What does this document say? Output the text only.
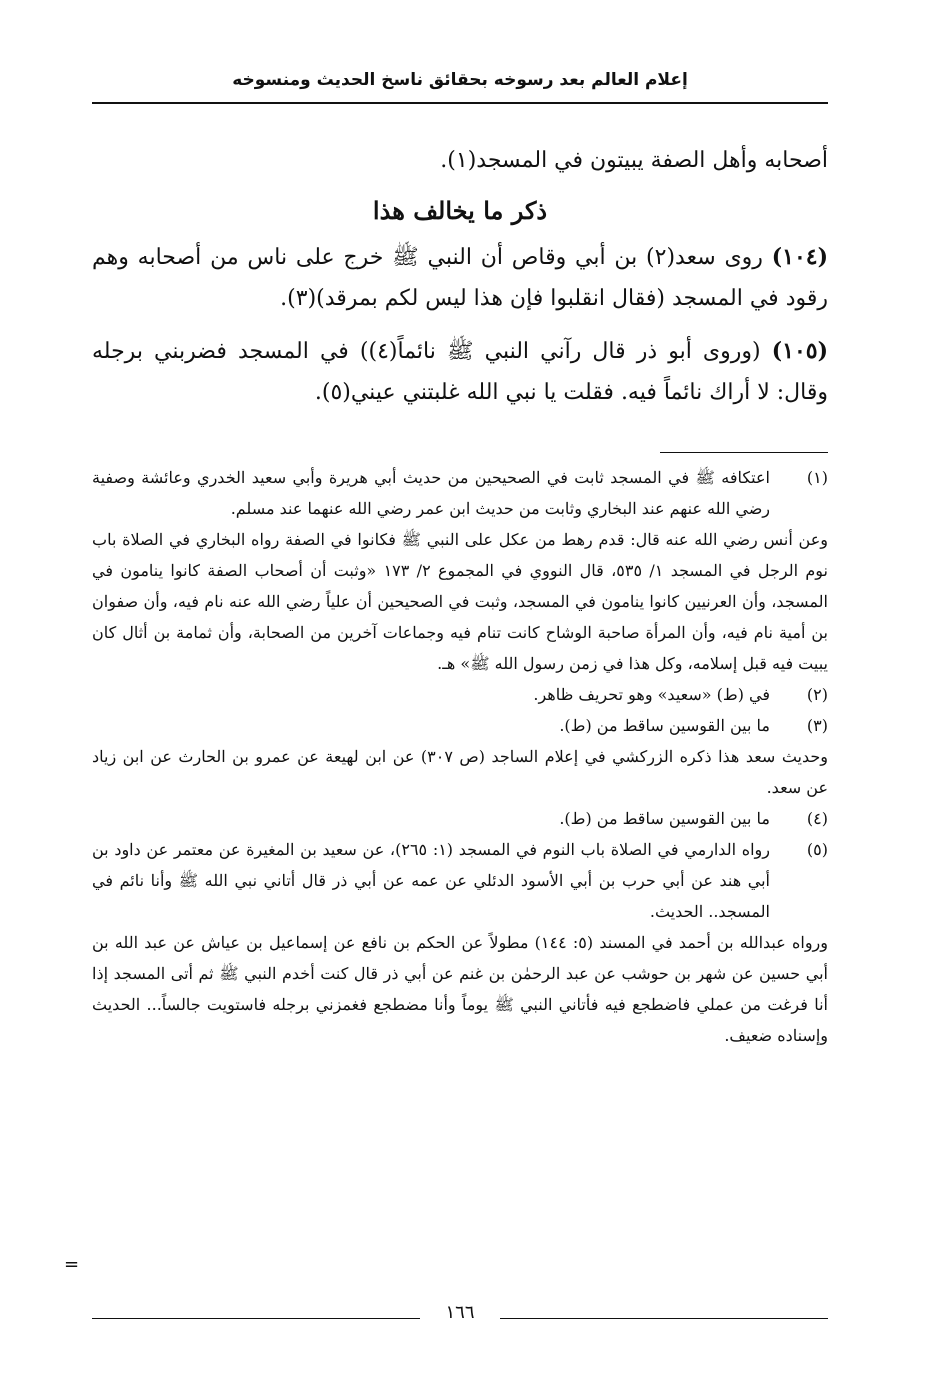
إعلام العالم بعد رسوخه بحقائق ناسخ الحديث ومنسوخه

أصحابه وأهل الصفة يبيتون في المسجد(١).

ذكر ما يخالف هذا

(١٠٤) روى سعد(٢) بن أبي وقاص أن النبي ﷺ خرج على ناس من أصحابه وهم رقود في المسجد (فقال انقلبوا فإن هذا ليس لكم بمرقد)(٣).

(١٠٥) (وروى أبو ذر قال رآني النبي ﷺ نائماً(٤)) في المسجد فضربني برجله وقال: لا أراك نائماً فيه. فقلت يا نبي الله غلبتني عيني(٥).

(١)
اعتكافه ﷺ في المسجد ثابت في الصحيحين من حديث أبي هريرة وأبي سعيد الخدري وعائشة وصفية رضي الله عنهم عند البخاري وثابت من حديث ابن عمر رضي الله عنهما عند مسلم.
وعن أنس رضي الله عنه قال: قدم رهط من عكل على النبي ﷺ فكانوا في الصفة رواه البخاري في الصلاة باب نوم الرجل في المسجد ١/ ٥٣٥، قال النووي في المجموع ٢/ ١٧٣ «وثبت أن أصحاب الصفة كانوا ينامون في المسجد، وأن العرنيين كانوا ينامون في المسجد، وثبت في الصحيحين أن علياً رضي الله عنه نام فيه، وأن صفوان بن أمية نام فيه، وأن المرأة صاحبة الوشاح كانت تنام فيه وجماعات آخرين من الصحابة، وأن ثمامة بن أثال كان يبيت فيه قبل إسلامه، وكل هذا في زمن رسول الله ﷺ» هـ.
(٢)
في (ط) «سعيد» وهو تحريف ظاهر.
(٣)
ما بين القوسين ساقط من (ط).
وحديث سعد هذا ذكره الزركشي في إعلام الساجد (ص ٣٠٧) عن ابن لهيعة عن عمرو بن الحارث عن ابن زياد عن سعد.
(٤)
ما بين القوسين ساقط من (ط).
(٥)
رواه الدارمي في الصلاة باب النوم في المسجد (١: ٢٦٥)، عن سعيد بن المغيرة عن معتمر عن داود بن أبي هند عن أبي حرب بن أبي الأسود الدئلي عن عمه عن أبي ذر قال أتاني نبي الله ﷺ وأنا نائم في المسجد.. الحديث.
ورواه عبدالله بن أحمد في المسند (٥: ١٤٤) مطولاً عن الحكم بن نافع عن إسماعيل بن عياش عن عبد الله بن أبي حسين عن شهر بن حوشب عن عبد الرحمٰن بن غنم عن أبي ذر قال كنت أخدم النبي ﷺ ثم أتى المسجد إذا أنا فرغت من عملي فاضطجع فيه فأتاني النبي ﷺ يوماً وأنا مضطجع فغمزني برجله فاستويت جالساً... الحديث وإسناده ضعيف.
=
١٦٦
